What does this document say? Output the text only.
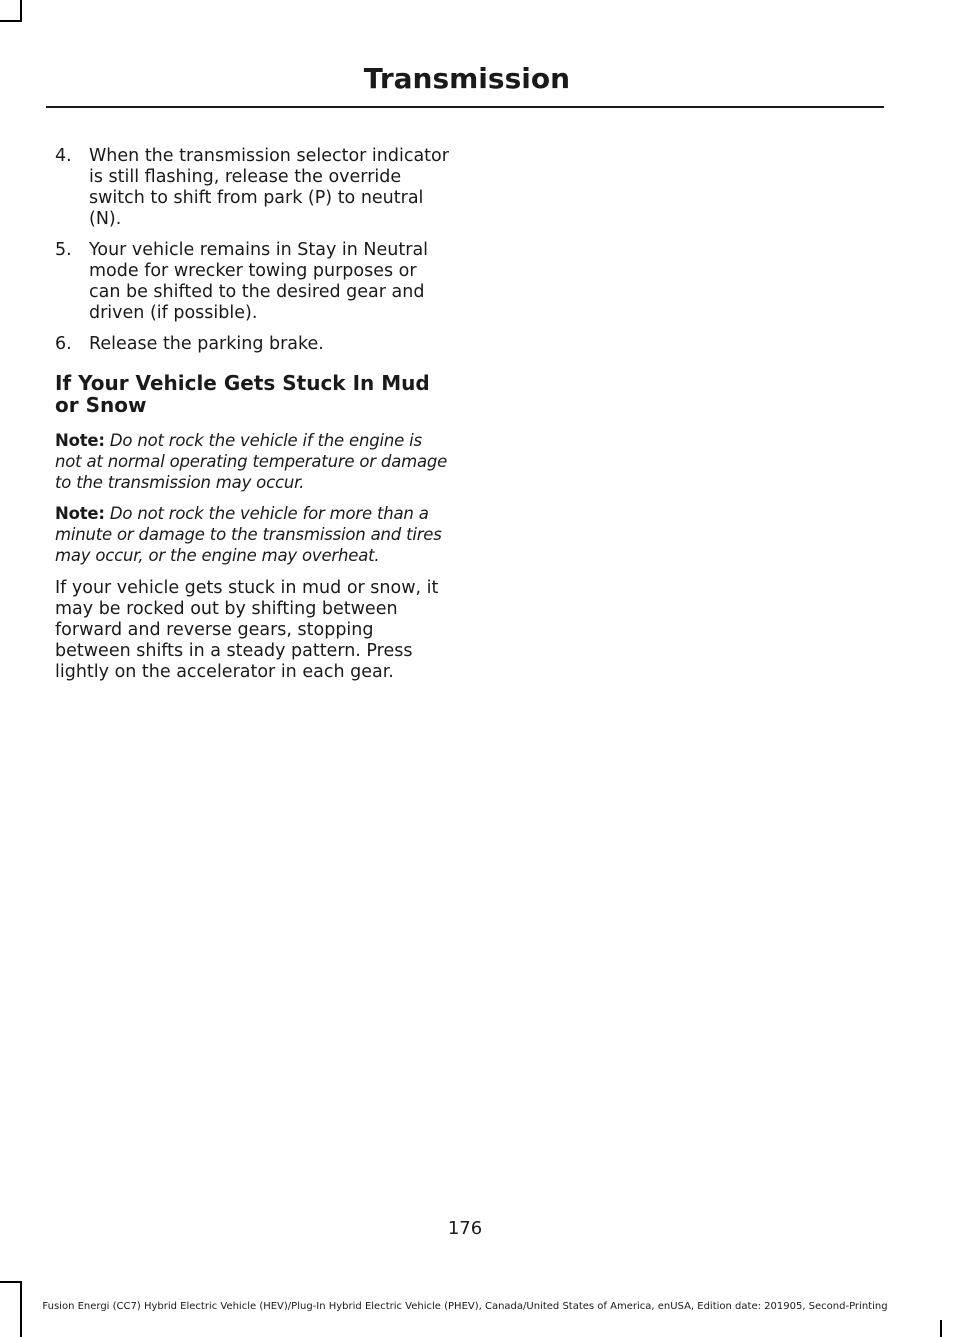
Transmission
4. When the transmission selector indicator is still flashing, release the override switch to shift from park (P) to neutral (N).
5. Your vehicle remains in Stay in Neutral mode for wrecker towing purposes or can be shifted to the desired gear and driven (if possible).
6. Release the parking brake.
If Your Vehicle Gets Stuck In Mud or Snow

Note: Do not rock the vehicle if the engine is not at normal operating temperature or damage to the transmission may occur.

Note: Do not rock the vehicle for more than a minute or damage to the transmission and tires may occur, or the engine may overheat.

If your vehicle gets stuck in mud or snow, it may be rocked out by shifting between forward and reverse gears, stopping between shifts in a steady pattern. Press lightly on the accelerator in each gear.

176
Fusion Energi (CC7) Hybrid Electric Vehicle (HEV)/Plug-In Hybrid Electric Vehicle (PHEV), Canada/United States of America, enUSA, Edition date: 201905, Second-Printing
